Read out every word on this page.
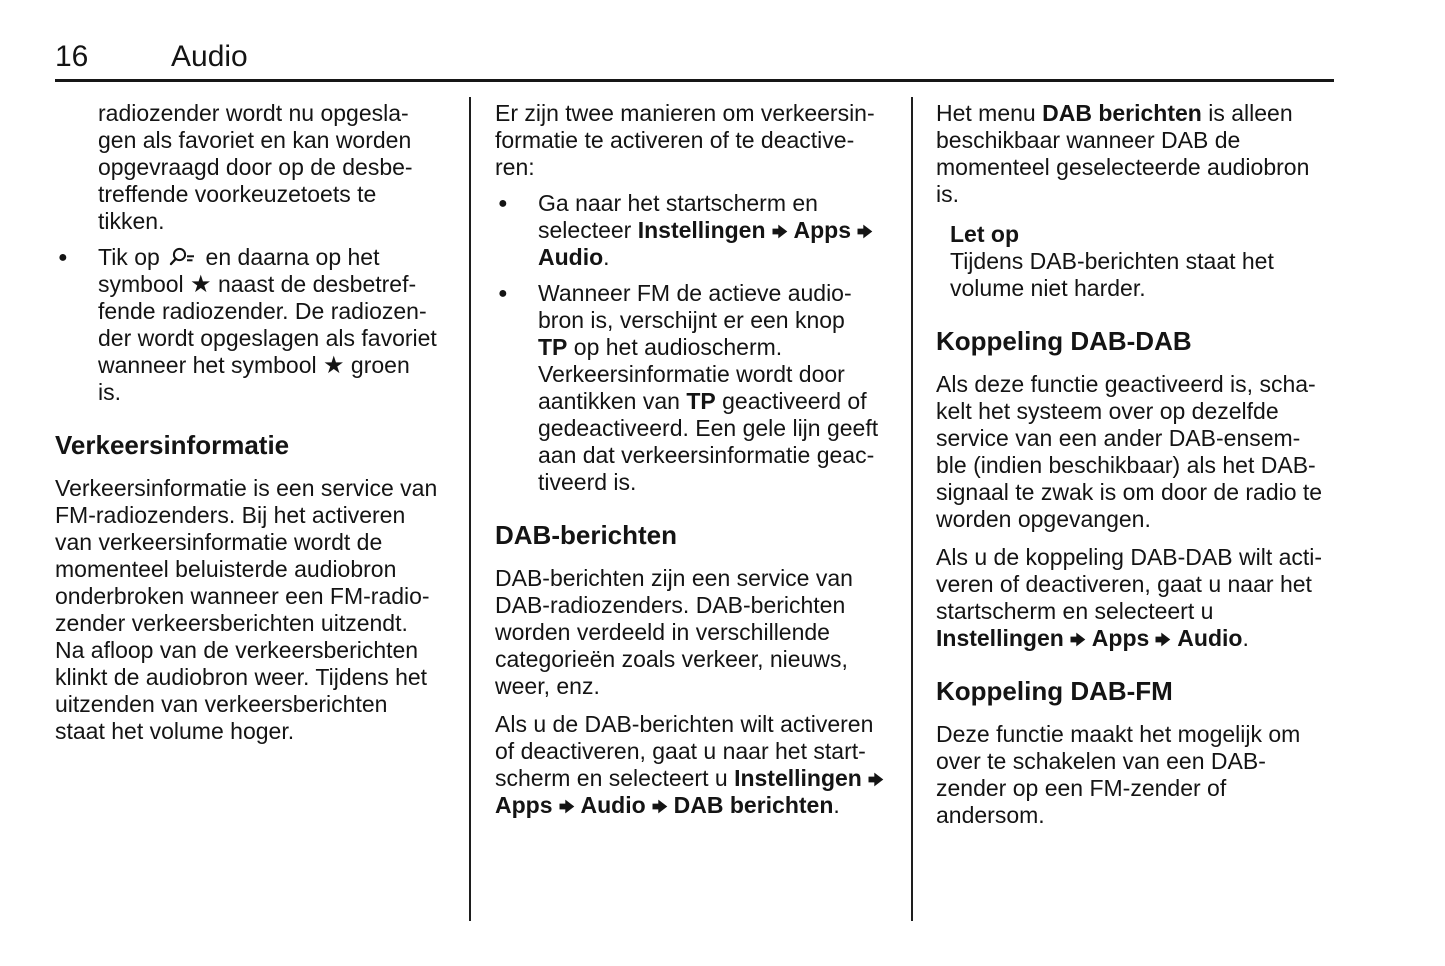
16	Audio
radiozender wordt nu opgesla-
gen als favoriet en kan worden
opgevraagd door op de desbe-
treffende voorkeuzetoets te
tikken.
●	Tik op  en daarna op het
symbool ★ naast de desbetref-
fende radiozender. De radiozen-
der wordt opgeslagen als favoriet
wanneer het symbool ★ groen
is.
Verkeersinformatie
Verkeersinformatie is een service van
FM-radiozenders. Bij het activeren
van verkeersinformatie wordt de
momenteel beluisterde audiobron
onderbroken wanneer een FM-radio-
zender verkeersberichten uitzendt.
Na afloop van de verkeersberichten
klinkt de audiobron weer. Tijdens het
uitzenden van verkeersberichten
staat het volume hoger.
Er zijn twee manieren om verkeersin-
formatie te activeren of te deactive-
ren:
●	Ga naar het startscherm en
selecteer Instellingen Apps
Audio.
●	Wanneer FM de actieve audio-
bron is, verschijnt er een knop
TP op het audioscherm.
Verkeersinformatie wordt door
aantikken van TP geactiveerd of
gedeactiveerd. Een gele lijn geeft
aan dat verkeersinformatie geac-
tiveerd is.
DAB-berichten
DAB-berichten zijn een service van
DAB-radiozenders. DAB-berichten
worden verdeeld in verschillende
categorieën zoals verkeer, nieuws,
weer, enz.
Als u de DAB-berichten wilt activeren
of deactiveren, gaat u naar het start-
scherm en selecteert u Instellingen
Apps Audio DAB berichten.
Het menu DAB berichten is alleen
beschikbaar wanneer DAB de
momenteel geselecteerde audiobron
is.
Let op
Tijdens DAB-berichten staat het
volume niet harder.
Koppeling DAB-DAB
Als deze functie geactiveerd is, scha-
kelt het systeem over op dezelfde
service van een ander DAB-ensem-
ble (indien beschikbaar) als het DAB-
signaal te zwak is om door de radio te
worden opgevangen.
Als u de koppeling DAB-DAB wilt acti-
veren of deactiveren, gaat u naar het
startscherm en selecteert u
Instellingen Apps Audio.
Koppeling DAB-FM
Deze functie maakt het mogelijk om
over te schakelen van een DAB-
zender op een FM-zender of
andersom.
